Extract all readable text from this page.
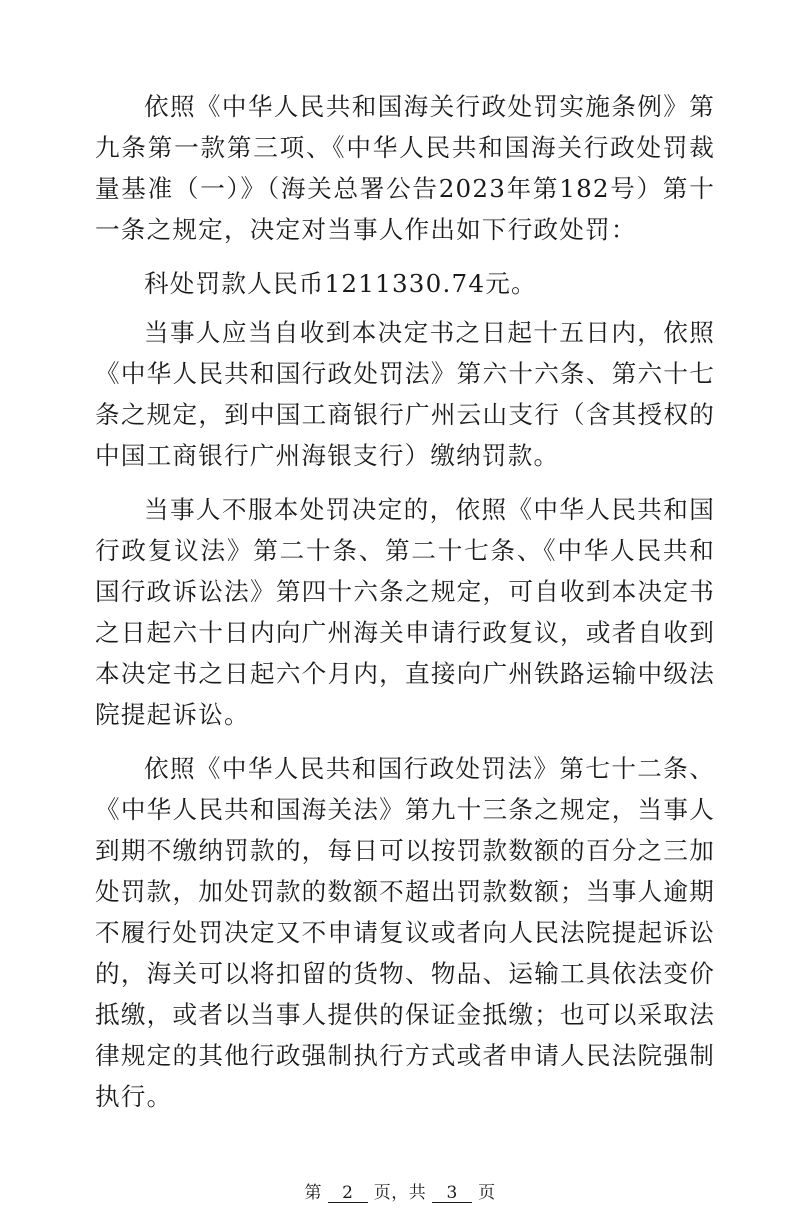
依照《中华人民共和国海关行政处罚实施条例》第九条第一款第三项、《中华人民共和国海关行政处罚裁量基准（一）》（海关总署公告2023年第182号）第十一条之规定，决定对当事人作出如下行政处罚：

科处罚款人民币1211330.74元。

当事人应当自收到本决定书之日起十五日内，依照《中华人民共和国行政处罚法》第六十六条、第六十七条之规定，到中国工商银行广州云山支行（含其授权的中国工商银行广州海银支行）缴纳罚款。

当事人不服本处罚决定的，依照《中华人民共和国行政复议法》第二十条、第二十七条、《中华人民共和国行政诉讼法》第四十六条之规定，可自收到本决定书之日起六十日内向广州海关申请行政复议，或者自收到本决定书之日起六个月内，直接向广州铁路运输中级法院提起诉讼。

依照《中华人民共和国行政处罚法》第七十二条、《中华人民共和国海关法》第九十三条之规定，当事人到期不缴纳罚款的，每日可以按罚款数额的百分之三加处罚款，加处罚款的数额不超出罚款数额；当事人逾期不履行处罚决定又不申请复议或者向人民法院提起诉讼的，海关可以将扣留的货物、物品、运输工具依法变价抵缴，或者以当事人提供的保证金抵缴；也可以采取法律规定的其他行政强制执行方式或者申请人民法院强制执行。

第 2 页，共 3 页
